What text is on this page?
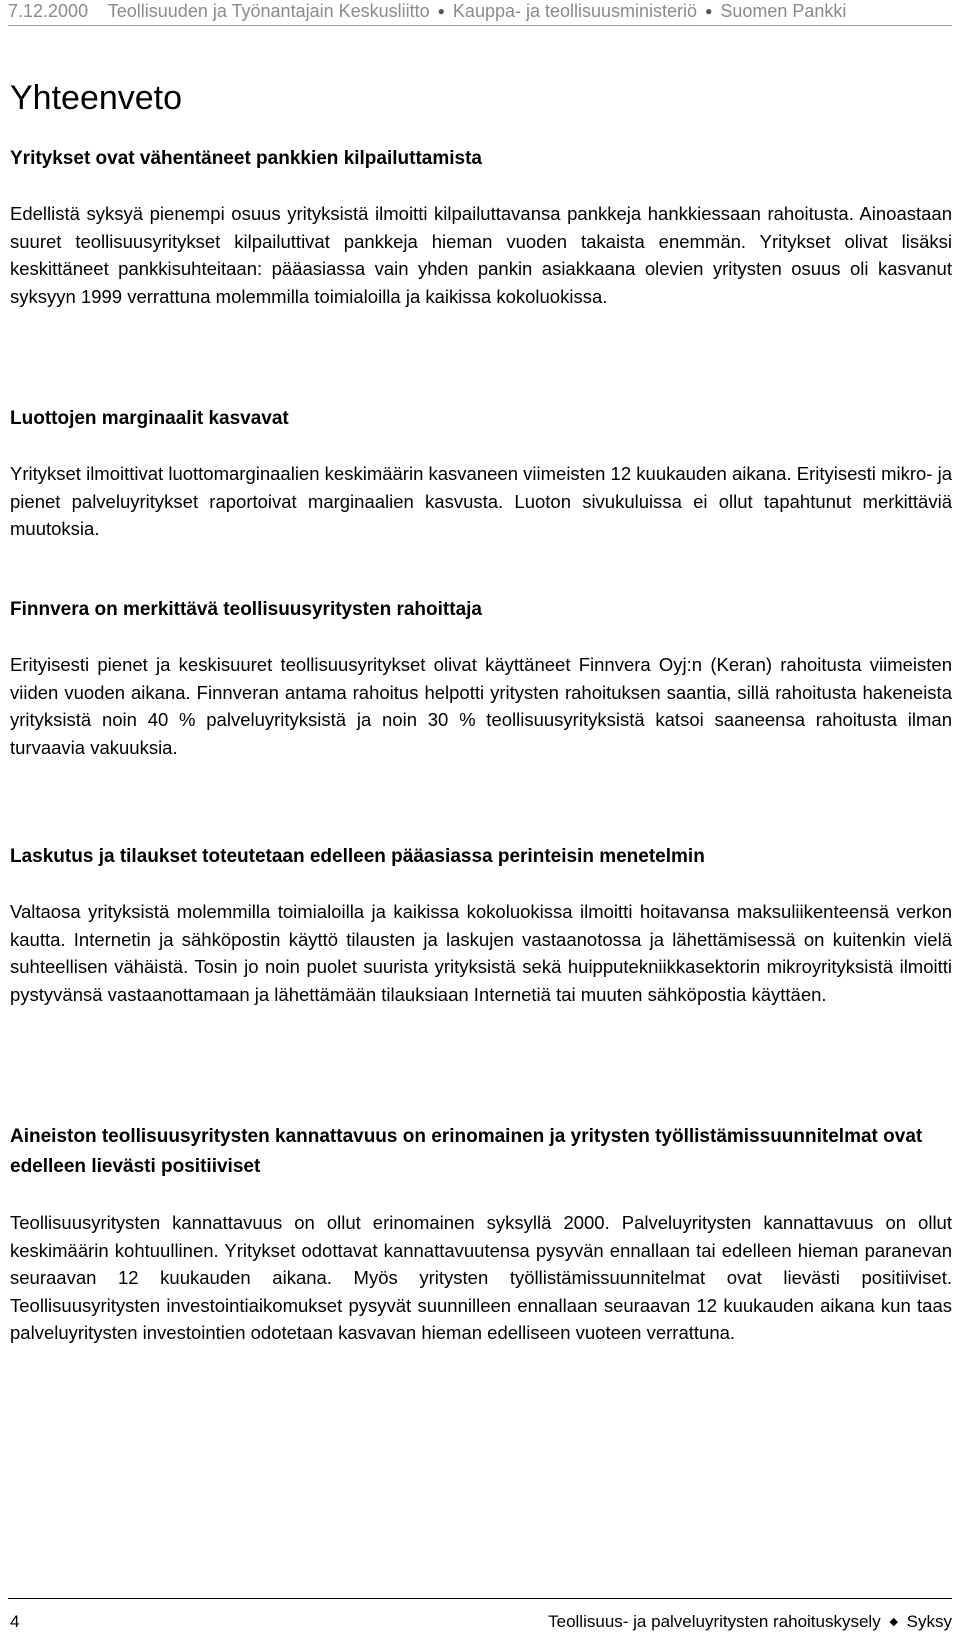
7.12.2000 Teollisuuden ja Työnantajain Keskusliitto ● Kauppa- ja teollisuusministeriö ● Suomen Pankki
Yhteenveto
Yritykset ovat vähentäneet pankkien kilpailuttamista

Edellistä syksyä pienempi osuus yrityksistä ilmoitti kilpailuttavansa pankkeja hankkiessaan rahoitusta. Ainoastaan suuret teollisuusyritykset kilpailuttivat pankkeja hieman vuoden takaista enemmän. Yritykset olivat lisäksi keskittäneet pankkisuhteitaan: pääasiassa vain yhden pankin asiakkaana olevien yritysten osuus oli kasvanut syksyyn 1999 verrattuna molemmilla toimialoilla ja kaikissa kokoluokissa.

Luottojen marginaalit kasvavat

Yritykset ilmoittivat luottomarginaalien keskimäärin kasvaneen viimeisten 12 kuukauden aikana. Erityisesti mikro- ja pienet palveluyritykset raportoivat marginaalien kasvusta. Luoton sivukuluissa ei ollut tapahtunut merkittäviä muutoksia.

Finnvera on merkittävä teollisuusyritysten rahoittaja

Erityisesti pienet ja keskisuuret teollisuusyritykset olivat käyttäneet Finnvera Oyj:n (Keran) rahoitusta viimeisten viiden vuoden aikana. Finnveran antama rahoitus helpotti yritysten rahoituksen saantia, sillä rahoitusta hakeneista yrityksistä noin 40 % palveluyrityksistä ja noin 30 % teollisuusyrityksistä katsoi saaneensa rahoitusta ilman turvaavia vakuuksia.

Laskutus ja tilaukset toteutetaan edelleen pääasiassa perinteisin menetelmin

Valtaosa yrityksistä molemmilla toimialoilla ja kaikissa kokoluokissa ilmoitti hoitavansa maksuliikenteensä verkon kautta. Internetin ja sähköpostin käyttö tilausten ja laskujen vastaanotossa ja lähettämisessä on kuitenkin vielä suhteellisen vähäistä. Tosin jo noin puolet suurista yrityksistä sekä huipputekniikkasektorin mikroyrityksistä ilmoitti pystyvänsä vastaanottamaan ja lähettämään tilauksiaan Internetiä tai muuten sähköpostia käyttäen.

Aineiston teollisuusyritysten kannattavuus on erinomainen ja yritysten työllistämissuunnitelmat ovat edelleen lievästi positiiviset

Teollisuusyritysten kannattavuus on ollut erinomainen syksyllä 2000. Palveluyritysten kannattavuus on ollut keskimäärin kohtuullinen. Yritykset odottavat kannattavuutensa pysyvän ennallaan tai edelleen hieman paranevan seuraavan 12 kuukauden aikana. Myös yritysten työllistämissuunnitelmat ovat lievästi positiiviset. Teollisuusyritysten investointiaikomukset pysyvät suunnilleen ennallaan seuraavan 12 kuukauden aikana kun taas palveluyritysten investointien odotetaan kasvavan hieman edelliseen vuoteen verrattuna.

4	Teollisuus- ja palveluyritysten rahoituskysely ◆ Syksy
